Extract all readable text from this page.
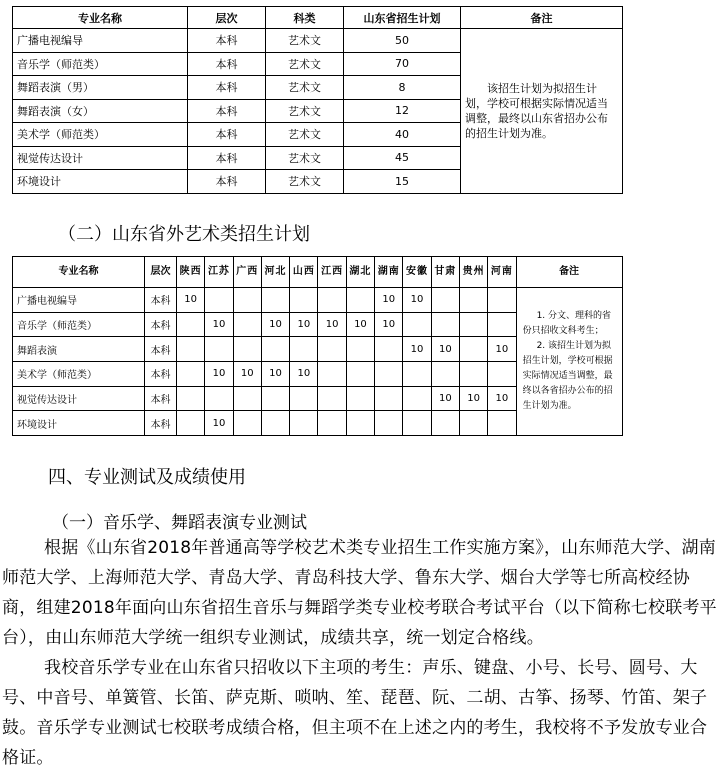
专业名称	层次	科类	山东省招生计划	备注
广播电视编导	本科	艺术文	50	该招生计划为拟招生计划，学校可根据实际情况适当调整，最终以山东省招办公布的招生计划为准。
音乐学（师范类）	本科	艺术文	70	
舞蹈表演（男）	本科	艺术文	8	
舞蹈表演（女）	本科	艺术文	12	
美术学（师范类）	本科	艺术文	40	
视觉传达设计	本科	艺术文	45	
环境设计	本科	艺术文	15	
（二）山东省外艺术类招生计划
专业名称	层次	陕西	江苏	广西	河北	山西	江西	湖北	湖南	安徽	甘肃	贵州	河南	备注
广播电视编导	本科	10							10	10				1. 分文、理科的省份只招收文科考生；

2. 该招生计划为拟招生计划，学校可根据实际情况适当调整，最终以各省招办公布的招生计划为准。

音乐学（师范类）	本科		10		10	10	10	10	10					
舞蹈表演	本科									10	10		10	
美术学（师范类）	本科		10	10	10	10								
视觉传达设计	本科										10	10	10	
环境设计	本科		10											
四、专业测试及成绩使用
（一）音乐学、舞蹈表演专业测试

根据《山东省2018年普通高等学校艺术类专业招生工作实施方案》，山东师范大学、湖南师范大学、上海师范大学、青岛大学、青岛科技大学、鲁东大学、烟台大学等七所高校经协商，组建2018年面向山东省招生音乐与舞蹈学类专业校考联合考试平台（以下简称七校联考平台），由山东师范大学统一组织专业测试，成绩共享，统一划定合格线。

我校音乐学专业在山东省只招收以下主项的考生：声乐、键盘、小号、长号、圆号、大号、中音号、单簧管、长笛、萨克斯、唢呐、笙、琵琶、阮、二胡、古筝、扬琴、竹笛、架子鼓。音乐学专业测试七校联考成绩合格，但主项不在上述之内的考生，我校将不予发放专业合格证。
